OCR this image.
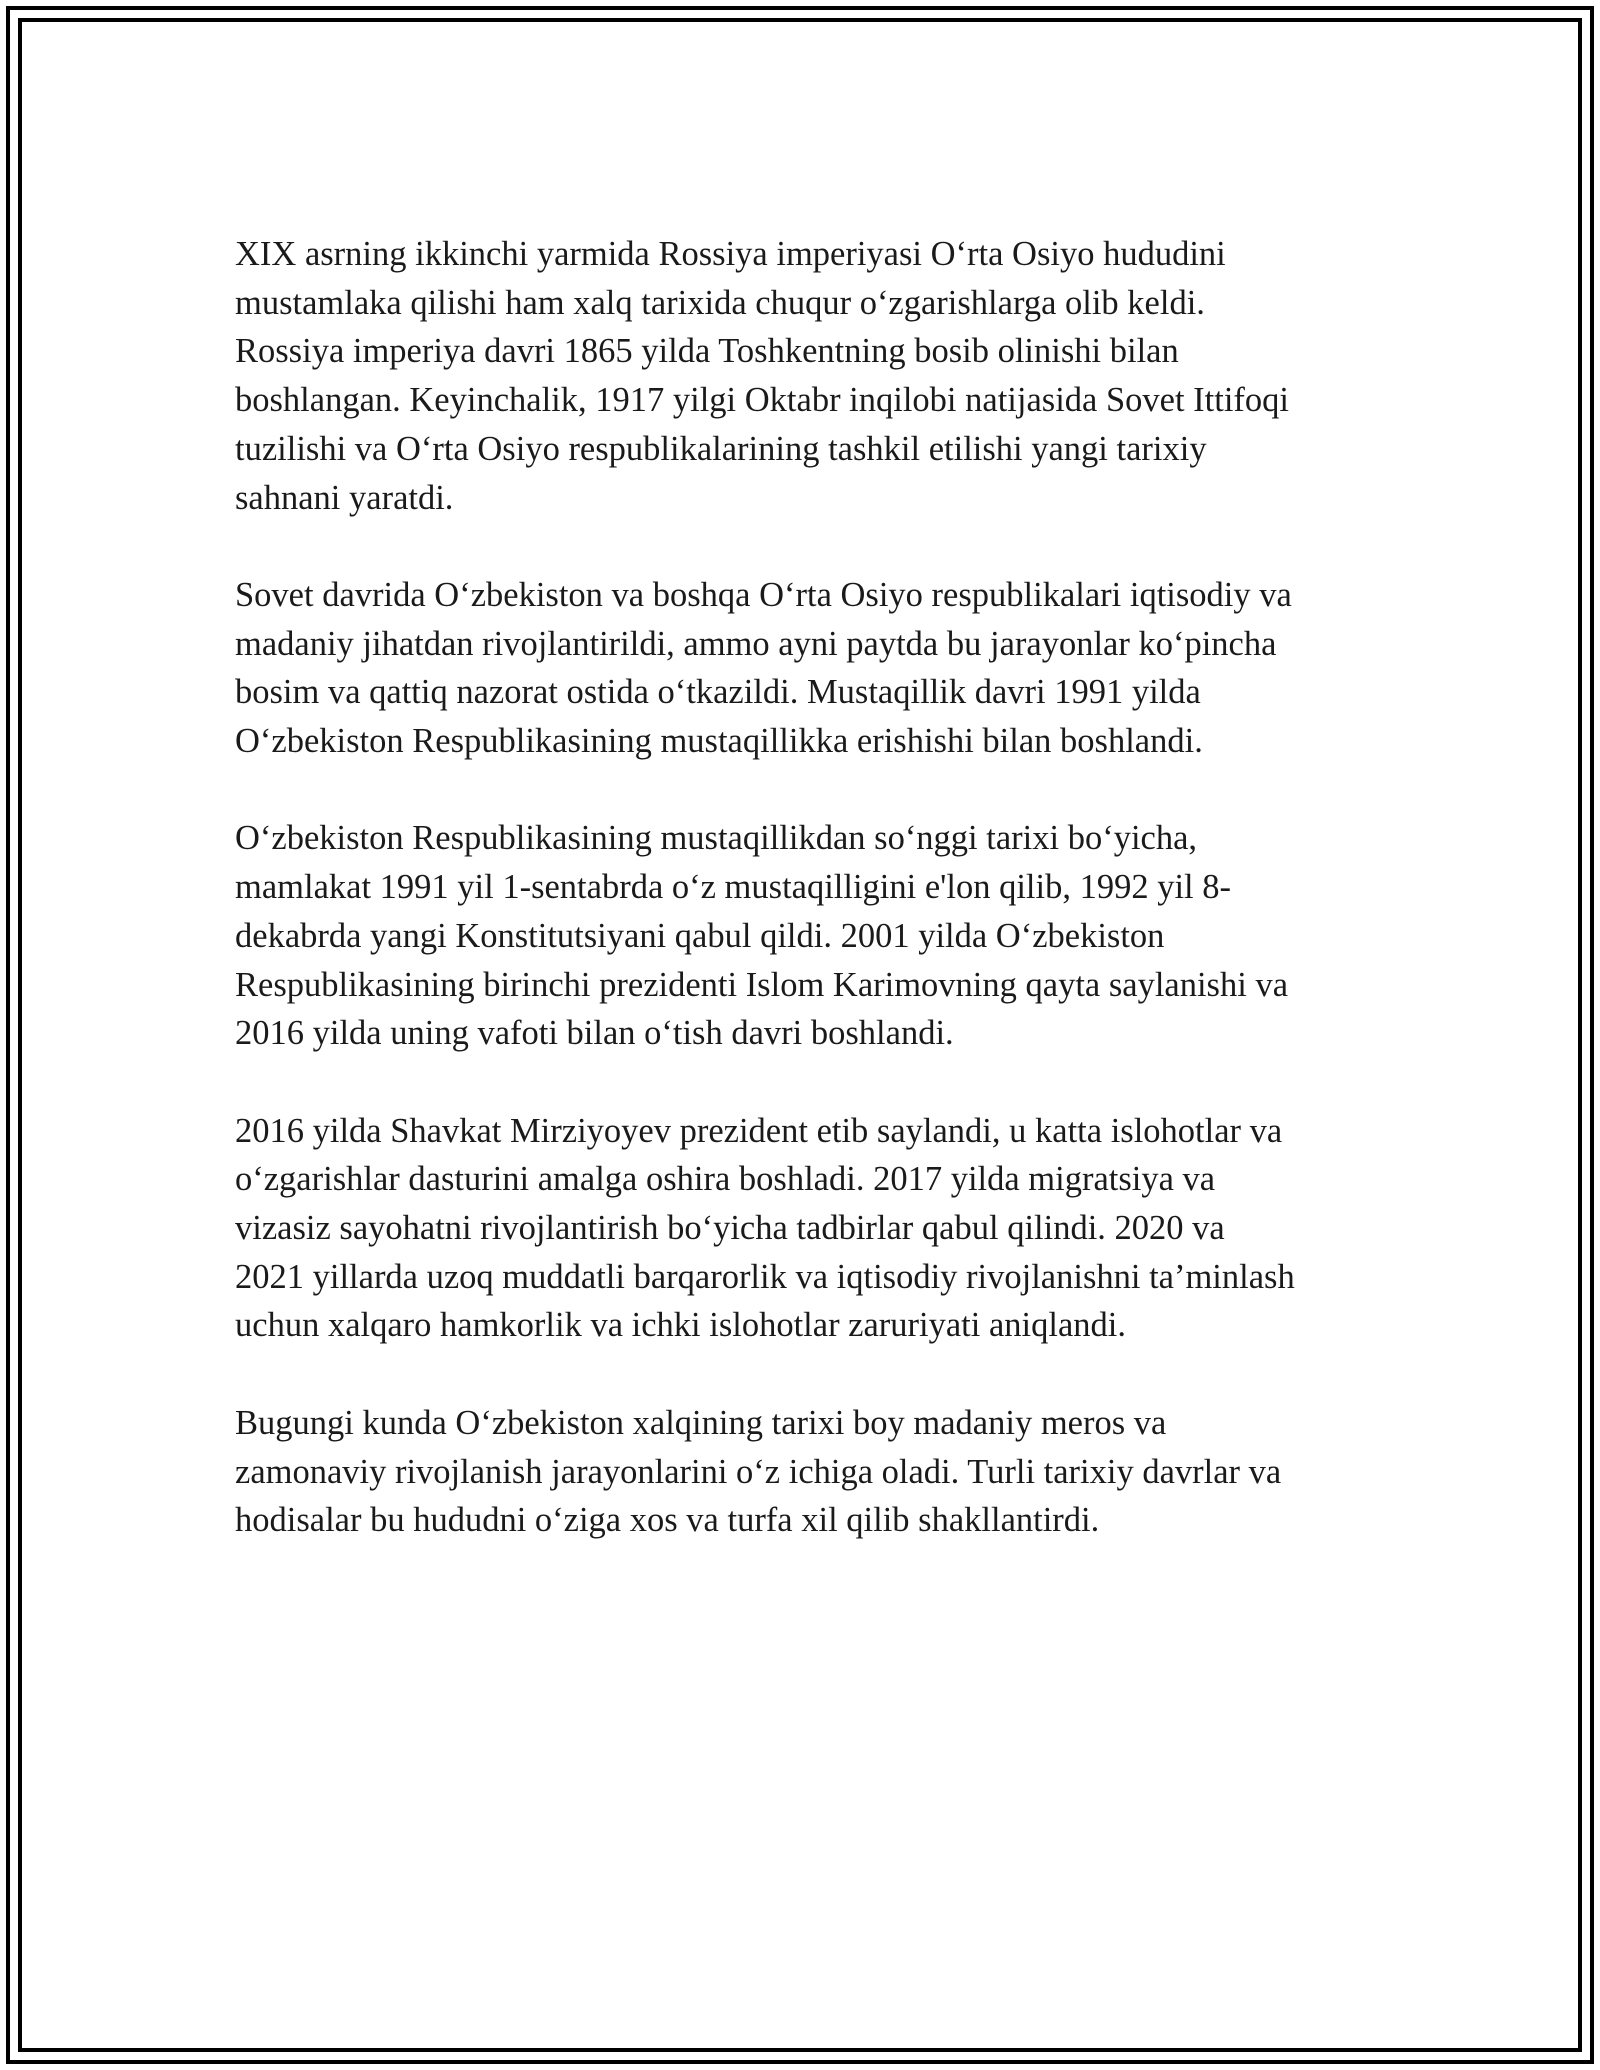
XIX asrning ikkinchi yarmida Rossiya imperiyasi O‘rta Osiyo hududini
mustamlaka qilishi ham xalq tarixida chuqur o‘zgarishlarga olib keldi.
Rossiya imperiya davri 1865 yilda Toshkentning bosib olinishi bilan
boshlangan. Keyinchalik, 1917 yilgi Oktabr inqilobi natijasida Sovet Ittifoqi
tuzilishi va O‘rta Osiyo respublikalarining tashkil etilishi yangi tarixiy
sahnani yaratdi.

Sovet davrida O‘zbekiston va boshqa O‘rta Osiyo respublikalari iqtisodiy va
madaniy jihatdan rivojlantirildi, ammo ayni paytda bu jarayonlar ko‘pincha
bosim va qattiq nazorat ostida o‘tkazildi. Mustaqillik davri 1991 yilda
O‘zbekiston Respublikasining mustaqillikka erishishi bilan boshlandi.

O‘zbekiston Respublikasining mustaqillikdan so‘nggi tarixi bo‘yicha,
mamlakat 1991 yil 1-sentabrda o‘z mustaqilligini e'lon qilib, 1992 yil 8-
dekabrda yangi Konstitutsiyani qabul qildi. 2001 yilda O‘zbekiston
Respublikasining birinchi prezidenti Islom Karimovning qayta saylanishi va
2016 yilda uning vafoti bilan o‘tish davri boshlandi.

2016 yilda Shavkat Mirziyoyev prezident etib saylandi, u katta islohotlar va
o‘zgarishlar dasturini amalga oshira boshladi. 2017 yilda migratsiya va
vizasiz sayohatni rivojlantirish bo‘yicha tadbirlar qabul qilindi. 2020 va
2021 yillarda uzoq muddatli barqarorlik va iqtisodiy rivojlanishni ta’minlash
uchun xalqaro hamkorlik va ichki islohotlar zaruriyati aniqlandi.

Bugungi kunda O‘zbekiston xalqining tarixi boy madaniy meros va
zamonaviy rivojlanish jarayonlarini o‘z ichiga oladi. Turli tarixiy davrlar va
hodisalar bu hududni o‘ziga xos va turfa xil qilib shakllantirdi.
